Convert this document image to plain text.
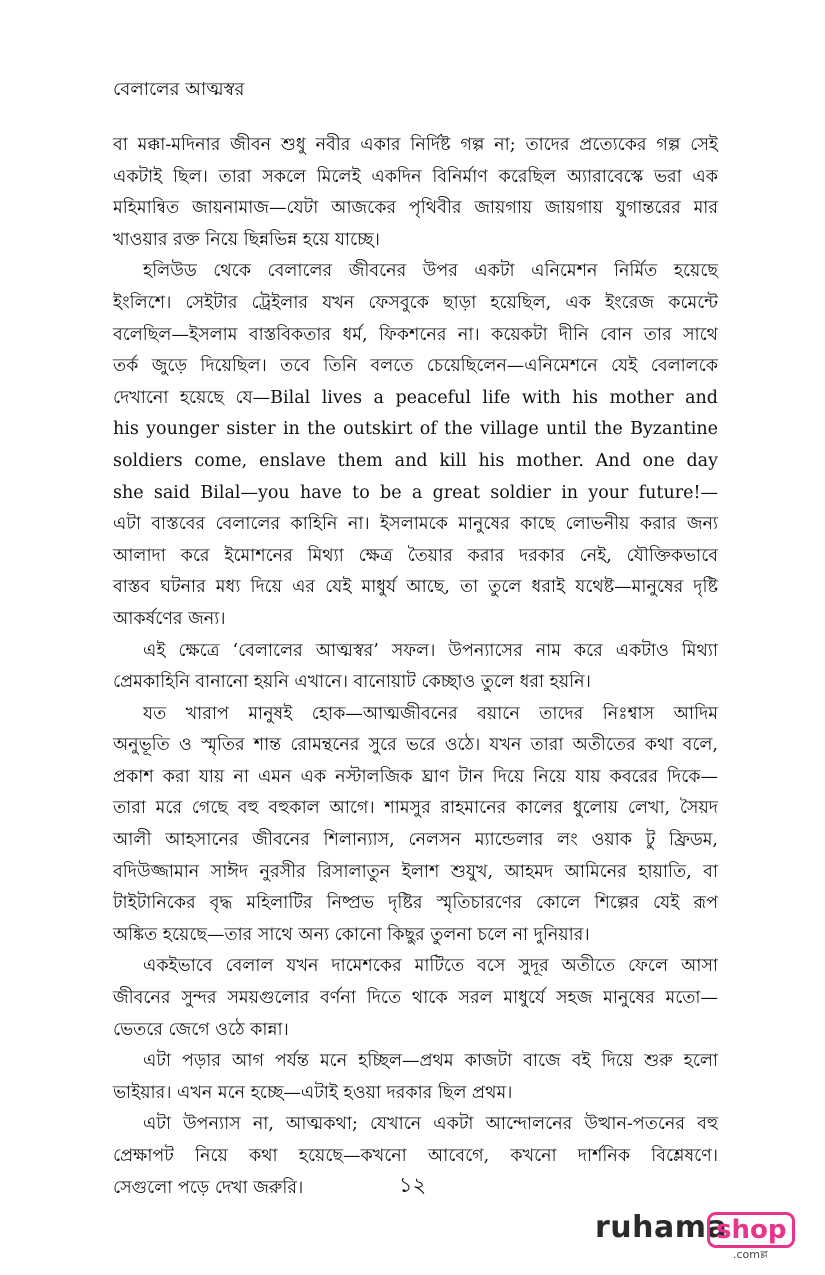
বেলালের আত্মস্বর
বা মক্কা-মদিনার জীবন শুধু নবীর একার নির্দিষ্ট গল্প না; তাদের প্রত্যেকের গল্প সেই
একটাই ছিল। তারা সকলে মিলেই একদিন বিনির্মাণ করেছিল অ্যারাবেস্কে ভরা এক
মহিমান্বিত জায়নামাজ—যেটা আজকের পৃথিবীর জায়গায় জায়গায় যুগান্তরের মার
খাওয়ার রক্ত নিয়ে ছিন্নভিন্ন হয়ে যাচ্ছে।
হলিউড থেকে বেলালের জীবনের উপর একটা এনিমেশন নির্মিত হয়েছে
ইংলিশে। সেইটার ট্রেইলার যখন ফেসবুকে ছাড়া হয়েছিল, এক ইংরেজ কমেন্টে
বলেছিল—ইসলাম বাস্তবিকতার ধর্ম, ফিকশনের না। কয়েকটা দীনি বোন তার সাথে
তর্ক জুড়ে দিয়েছিল। তবে তিনি বলতে চেয়েছিলেন—এনিমেশনে যেই বেলালকে
দেখানো হয়েছে যে—Bilal lives a peaceful life with his mother and
his younger sister in the outskirt of the village until the Byzantine
soldiers come, enslave them and kill his mother. And one day
she said Bilal—you have to be a great soldier in your future!—
এটা বাস্তবের বেলালের কাহিনি না। ইসলামকে মানুষের কাছে লোভনীয় করার জন্য
আলাদা করে ইমোশনের মিথ্যা ক্ষেত্র তৈয়ার করার দরকার নেই, যৌক্তিকভাবে
বাস্তব ঘটনার মধ্য দিয়ে এর যেই মাধুর্য আছে, তা তুলে ধরাই যথেষ্ট—মানুষের দৃষ্টি
আকর্ষণের জন্য।
এই ক্ষেত্রে ‘বেলালের আত্মস্বর’ সফল। উপন্যাসের নাম করে একটাও মিথ্যা
প্রেমকাহিনি বানানো হয়নি এখানে। বানোয়াট কেচ্ছাও তুলে ধরা হয়নি।
যত খারাপ মানুষই হোক—আত্মজীবনের বয়ানে তাদের নিঃশ্বাস আদিম
অনুভূতি ও স্মৃতির শান্ত রোমন্থনের সুরে ভরে ওঠে। যখন তারা অতীতের কথা বলে,
প্রকাশ করা যায় না এমন এক নস্টালজিক ঘ্রাণ টান দিয়ে নিয়ে যায় কবরের দিকে—
তারা মরে গেছে বহু বহুকাল আগে। শামসুর রাহমানের কালের ধুলোয় লেখা, সৈয়দ
আলী আহসানের জীবনের শিলান্যাস, নেলসন ম্যান্ডেলার লং ওয়াক টু ফ্রিডম,
বদিউজ্জামান সাঈদ নুরসীর রিসালাতুন ইলাশ শুযুখ, আহমদ আমিনের হায়াতি, বা
টাইটানিকের বৃদ্ধ মহিলাটির নিষ্প্রভ দৃষ্টির স্মৃতিচারণের কোলে শিল্পের যেই রূপ
অঙ্কিত হয়েছে—তার সাথে অন্য কোনো কিছুর তুলনা চলে না দুনিয়ার।
একইভাবে বেলাল যখন দামেশকের মাটিতে বসে সুদূর অতীতে ফেলে আসা
জীবনের সুন্দর সময়গুলোর বর্ণনা দিতে থাকে সরল মাধুর্যে সহজ মানুষের মতো—
ভেতরে জেগে ওঠে কান্না।
এটা পড়ার আগ পর্যন্ত মনে হচ্ছিল—প্রথম কাজটা বাজে বই দিয়ে শুরু হলো
ভাইয়ার। এখন মনে হচ্ছে—এটাই হওয়া দরকার ছিল প্রথম।
এটা উপন্যাস না, আত্মকথা; যেখানে একটা আন্দোলনের উত্থান-পতনের বহু
প্রেক্ষাপট নিয়ে কথা হয়েছে—কখনো আবেগে, কখনো দার্শনিক বিশ্লেষণে।
সেগুলো পড়ে দেখা জরুরি।	১২
ruhama
shop
.comল্ল
